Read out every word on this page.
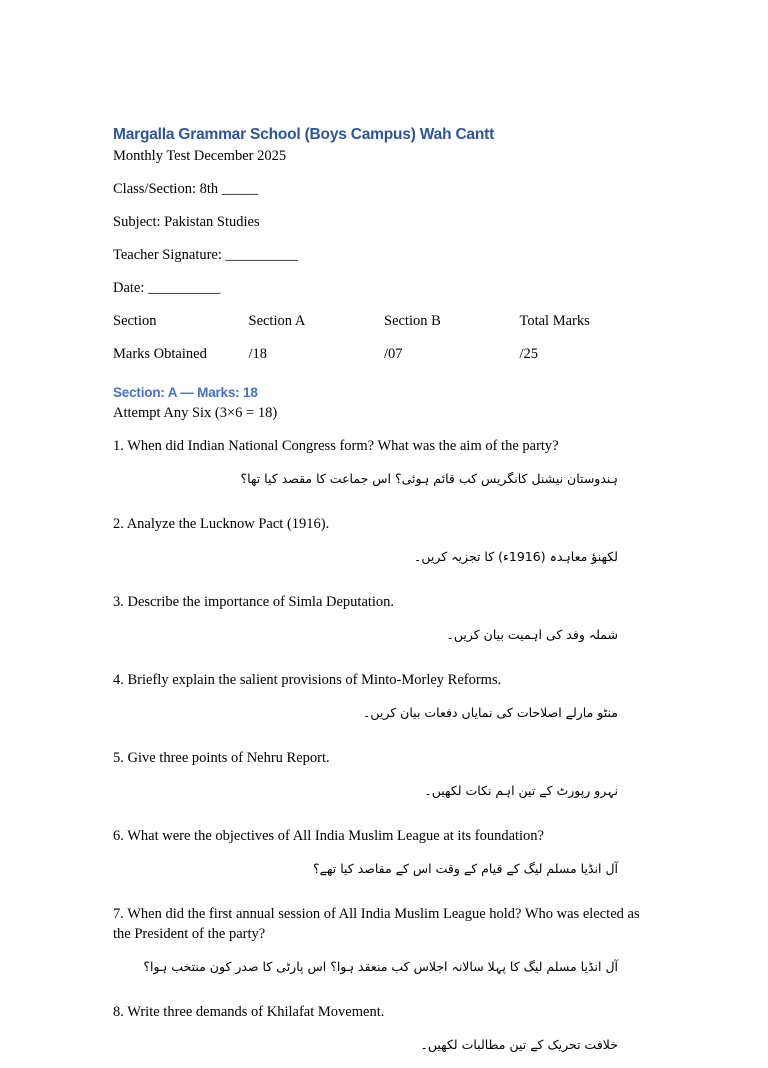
Margalla Grammar School (Boys Campus) Wah Cantt

Monthly Test December 2025

Class/Section: 8th _____

Subject: Pakistan Studies

Teacher Signature: __________

Date: __________

Section	Section A	Section B	Total Marks
Marks Obtained	/18	/07	/25

Section: A — Marks: 18

Attempt Any Six (3×6 = 18)

1. When did Indian National Congress form? What was the aim of the party?

ہندوستان نیشنل کانگریس کب قائم ہوئی؟ اس جماعت کا مقصد کیا تھا؟

2. Analyze the Lucknow Pact (1916).

لکھنؤ معاہدہ (1916ء) کا تجزیہ کریں۔

3. Describe the importance of Simla Deputation.

شملہ وفد کی اہمیت بیان کریں۔

4. Briefly explain the salient provisions of Minto-Morley Reforms.

منٹو مارلے اصلاحات کی نمایاں دفعات بیان کریں۔

5. Give three points of Nehru Report.

نہرو رپورٹ کے تین اہم نکات لکھیں۔

6. What were the objectives of All India Muslim League at its foundation?

آل انڈیا مسلم لیگ کے قیام کے وقت اس کے مقاصد کیا تھے؟

7. When did the first annual session of All India Muslim League hold? Who was elected as the President of the party?

آل انڈیا مسلم لیگ کا پہلا سالانہ اجلاس کب منعقد ہوا؟ اس پارٹی کا صدر کون منتخب ہوا؟

8. Write three demands of Khilafat Movement.

خلافت تحریک کے تین مطالبات لکھیں۔
